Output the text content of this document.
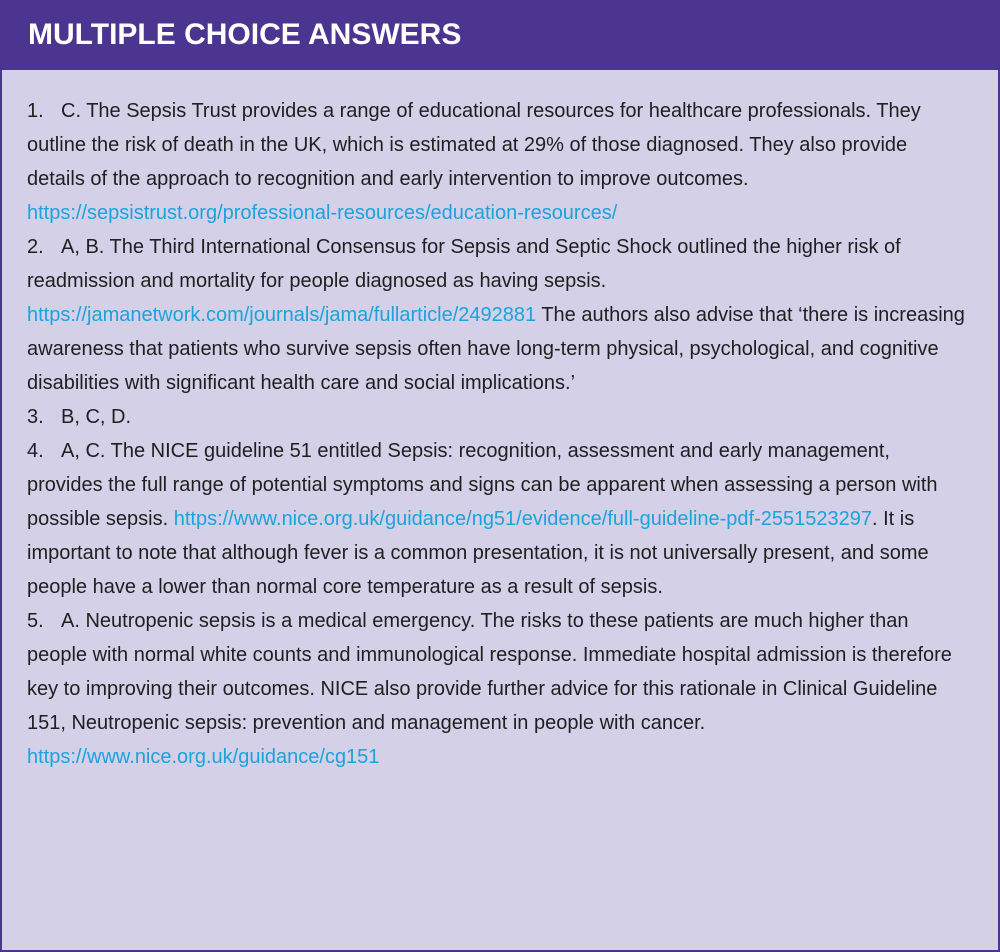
MULTIPLE CHOICE ANSWERS

1. C. The Sepsis Trust provides a range of educational resources for healthcare professionals. They outline the risk of death in the UK, which is estimated at 29% of those diagnosed. They also provide details of the approach to recognition and early intervention to improve outcomes. https://sepsistrust.org/professional-resources/education-resources/

2. A, B. The Third International Consensus for Sepsis and Septic Shock outlined the higher risk of readmission and mortality for people diagnosed as having sepsis. https://jamanetwork.com/journals/jama/fullarticle/2492881 The authors also advise that ‘there is increasing awareness that patients who survive sepsis often have long-term physical, psychological, and cognitive disabilities with significant health care and social implications.’

3. B, C, D.

4. A, C. The NICE guideline 51 entitled Sepsis: recognition, assessment and early management, provides the full range of potential symptoms and signs can be apparent when assessing a person with possible sepsis. https://www.nice.org.uk/guidance/ng51/evidence/full-guideline-pdf-2551523297. It is important to note that although fever is a common presentation, it is not universally present, and some people have a lower than normal core temperature as a result of sepsis.

5. A. Neutropenic sepsis is a medical emergency. The risks to these patients are much higher than people with normal white counts and immunological response. Immediate hospital admission is therefore key to improving their outcomes. NICE also provide further advice for this rationale in Clinical Guideline 151, Neutropenic sepsis: prevention and management in people with cancer. https://www.nice.org.uk/guidance/cg151
